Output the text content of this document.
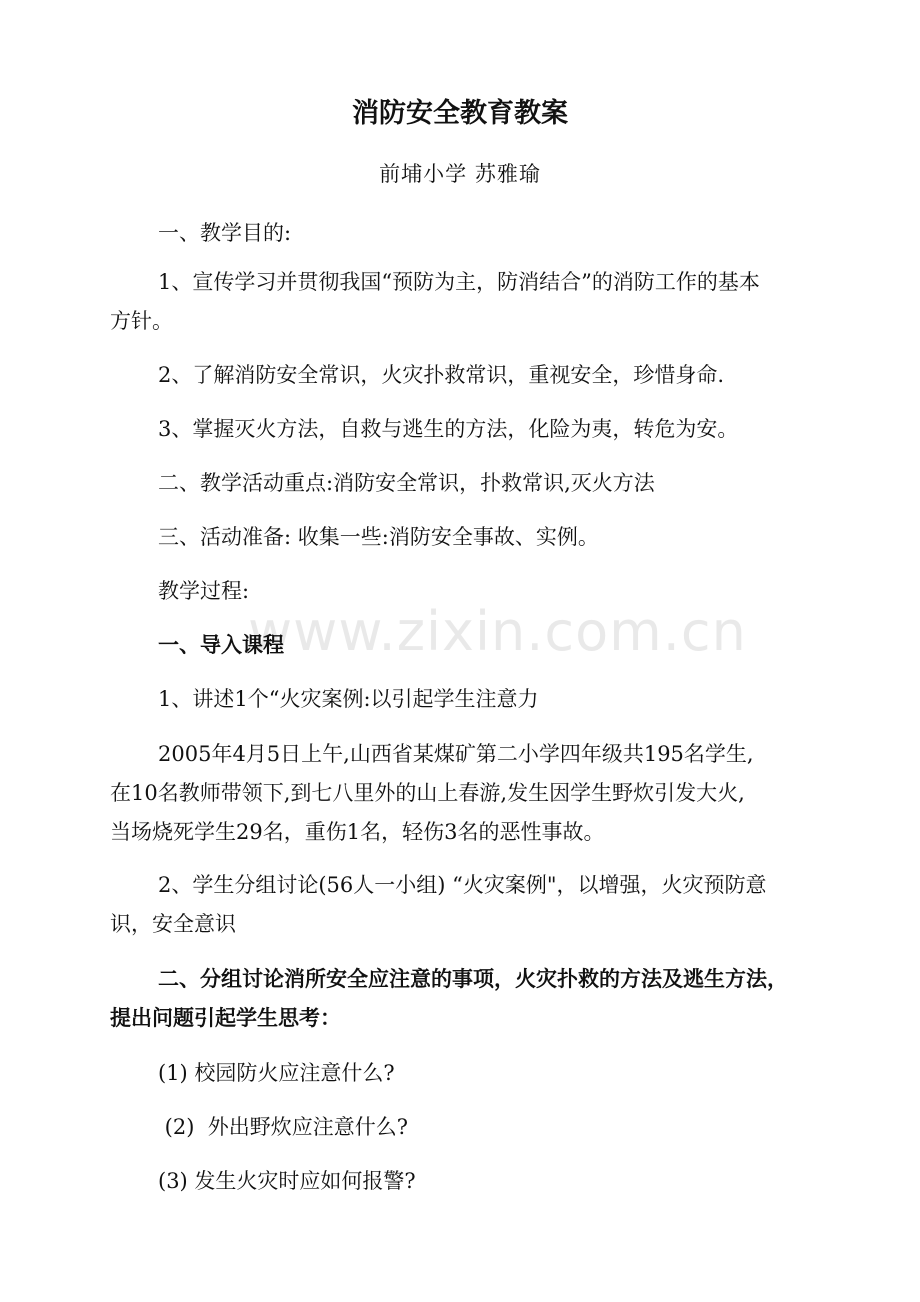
www.zixin.com.cn
消防安全教育教案
前埔小学 苏雅瑜
一、教学目的:
1、宣传学习并贯彻我国“预防为主，防消结合”的消防工作的基本
方针。
2、了解消防安全常识，火灾扑救常识，重视安全，珍惜身命.
3、掌握灭火方法，自救与逃生的方法，化险为夷，转危为安。
二、教学活动重点:消防安全常识，扑救常识,灭火方法
三、活动准备: 收集一些:消防安全事故、实例。
教学过程:
一、导入课程
1、讲述1个“火灾案例:以引起学生注意力
2005年4月5日上午,山西省某煤矿第二小学四年级共195名学生,
在10名教师带领下,到七八里外的山上春游,发生因学生野炊引发大火,
当场烧死学生29名，重伤1名，轻伤3名的恶性事故。
2、学生分组讨论(56人一小组) “火灾案例"，以增强，火灾预防意
识，安全意识
二、分组讨论消所安全应注意的事项，火灾扑救的方法及逃生方法，
提出问题引起学生思考：
(1) 校园防火应注意什么?
(2)  外出野炊应注意什么?
(3) 发生火灾时应如何报警?
